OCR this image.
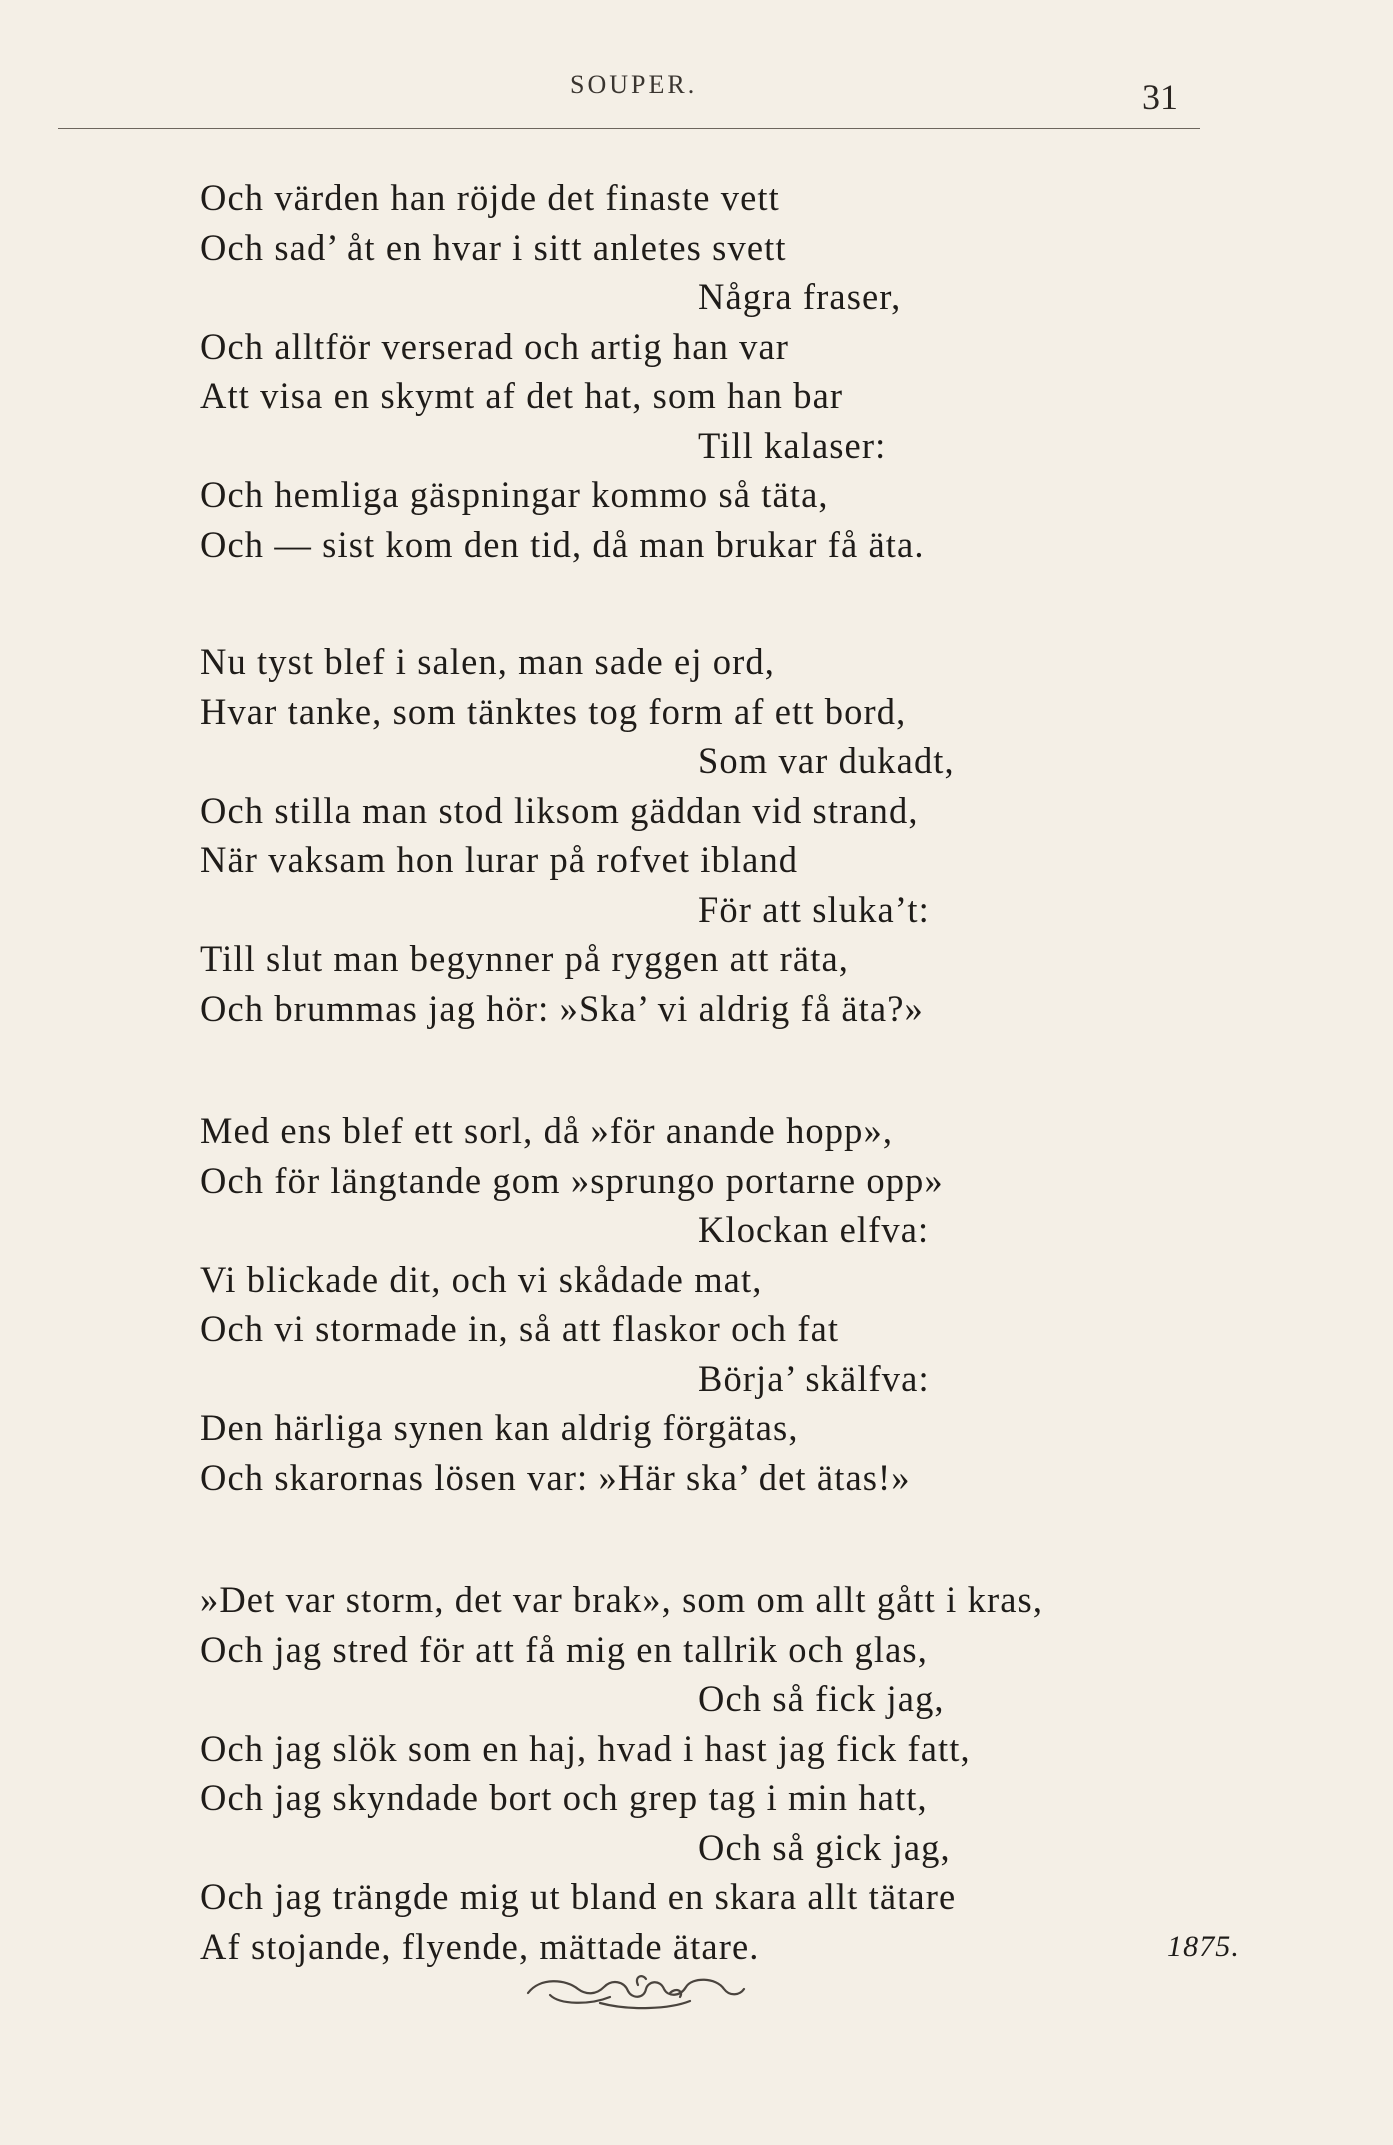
SOUPER.	31
Och värden han röjde det finaste vett
Och sad’ åt en hvar i sitt anletes svett
Några fraser,
Och alltför verserad och artig han var
Att visa en skymt af det hat, som han bar
Till kalaser:
Och hemliga gäspningar kommo så täta,
Och — sist kom den tid, då man brukar få äta.
Nu tyst blef i salen, man sade ej ord,
Hvar tanke, som tänktes tog form af ett bord,
Som var dukadt,
Och stilla man stod liksom gäddan vid strand,
När vaksam hon lurar på rofvet ibland
För att sluka’t:
Till slut man begynner på ryggen att räta,
Och brummas jag hör: »Ska’ vi aldrig få äta?»
Med ens blef ett sorl, då »för anande hopp»,
Och för längtande gom »sprungo portarne opp»
Klockan elfva:
Vi blickade dit, och vi skådade mat,
Och vi stormade in, så att flaskor och fat
Börja’ skälfva:
Den härliga synen kan aldrig förgätas,
Och skarornas lösen var: »Här ska’ det ätas!»
»Det var storm, det var brak», som om allt gått i kras,
Och jag stred för att få mig en tallrik och glas,
Och så fick jag,
Och jag slök som en haj, hvad i hast jag fick fatt,
Och jag skyndade bort och grep tag i min hatt,
Och så gick jag,
Och jag trängde mig ut bland en skara allt tätare
Af stojande, flyende, mättade ätare.	1875.
